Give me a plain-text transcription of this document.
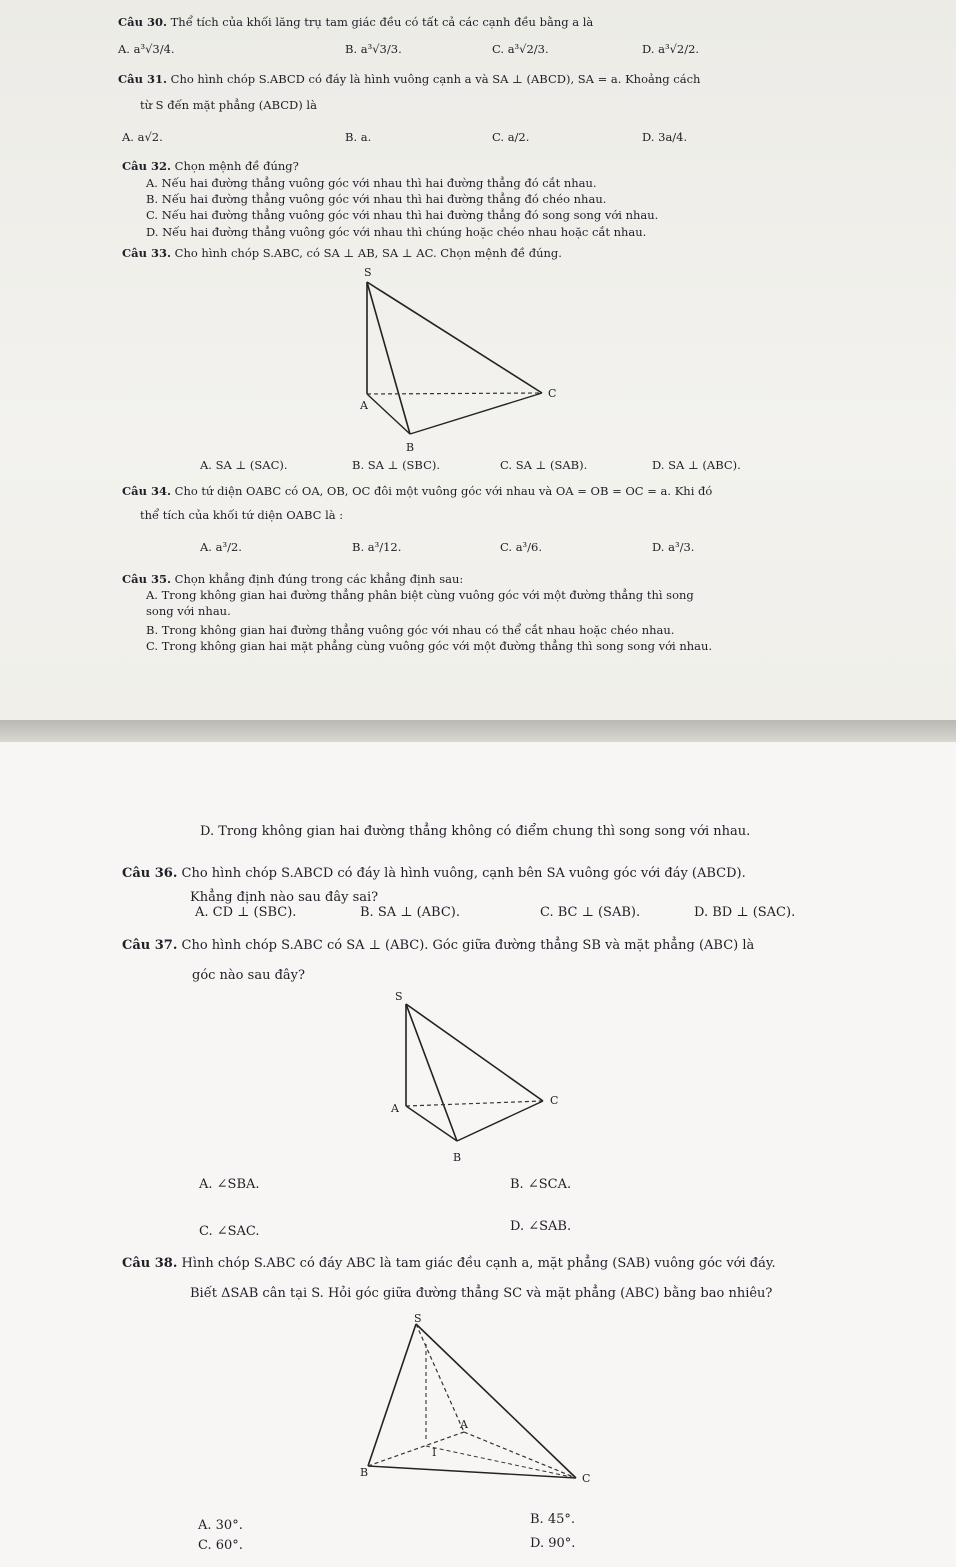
Câu 30. Thể tích của khối lăng trụ tam giác đều có tất cả các cạnh đều bằng a là
A. a³√3/4.	B. a³√3/3.	C. a³√2/3.	D. a³√2/2.
Câu 31. Cho hình chóp S.ABCD có đáy là hình vuông cạnh a và SA ⊥ (ABCD), SA = a. Khoảng cách
từ S đến mặt phẳng (ABCD) là
A. a√2.	B. a.	C. a/2.	D. 3a/4.
Câu 32. Chọn mệnh đề đúng?
A. Nếu hai đường thẳng vuông góc với nhau thì hai đường thẳng đó cắt nhau.
B. Nếu hai đường thẳng vuông góc với nhau thì hai đường thẳng đó chéo nhau.
C. Nếu hai đường thẳng vuông góc với nhau thì hai đường thẳng đó song song với nhau.
D. Nếu hai đường thẳng vuông góc với nhau thì chúng hoặc chéo nhau hoặc cắt nhau.
Câu 33. Cho hình chóp S.ABC, có SA ⊥ AB, SA ⊥ AC. Chọn mệnh đề đúng.
S
A
B
C
A. SA ⊥ (SAC).	B. SA ⊥ (SBC).	C. SA ⊥ (SAB).	D. SA ⊥ (ABC).
Câu 34. Cho tứ diện OABC có OA, OB, OC đôi một vuông góc với nhau và OA = OB = OC = a. Khi đó
thể tích của khối tứ diện OABC là :
A. a³/2.	B. a³/12.	C. a³/6.	D. a³/3.
Câu 35. Chọn khẳng định đúng trong các khẳng định sau:
A. Trong không gian hai đường thẳng phân biệt cùng vuông góc với một đường thẳng thì song
song với nhau.
B. Trong không gian hai đường thẳng vuông góc với nhau có thể cắt nhau hoặc chéo nhau.
C. Trong không gian hai mặt phẳng cùng vuông góc với một đường thẳng thì song song với nhau.
D. Trong không gian hai đường thẳng không có điểm chung thì song song với nhau.
Câu 36. Cho hình chóp S.ABCD có đáy là hình vuông, cạnh bên SA vuông góc với đáy (ABCD).
Khẳng định nào sau đây sai?
A. CD ⊥ (SBC).	B. SA ⊥ (ABC).	C. BC ⊥ (SAB).	D. BD ⊥ (SAC).
Câu 37. Cho hình chóp S.ABC có SA ⊥ (ABC). Góc giữa đường thẳng SB và mặt phẳng (ABC) là
góc nào sau đây?
S
A
B
C
A. ∠SBA.	B. ∠SCA.
C. ∠SAC.	D. ∠SAB.
Câu 38. Hình chóp S.ABC có đáy ABC là tam giác đều cạnh a, mặt phẳng (SAB) vuông góc với đáy.
Biết ΔSAB cân tại S. Hỏi góc giữa đường thẳng SC và mặt phẳng (ABC) bằng bao nhiêu?
S
A
B	C
I
A. 30°.	B. 45°.
C. 60°.	D. 90°.
